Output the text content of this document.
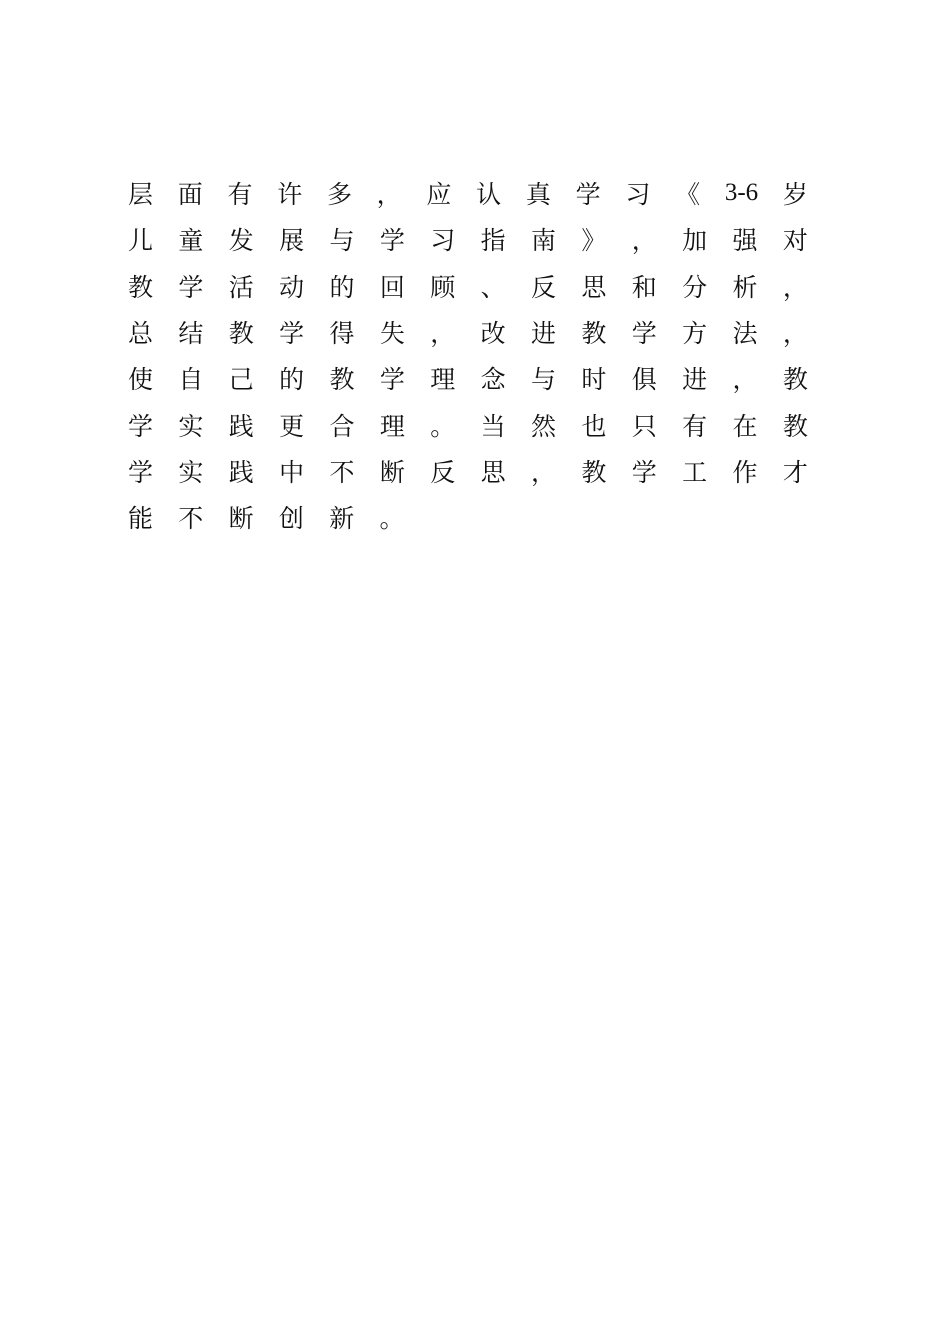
层 面 有 许 多 ， 应 认 真 学 习 《 3-6 岁
儿 童 发 展 与 学 习 指 南 》 ， 加 强 对
教 学 活 动 的 回 顾 、 反 思 和 分 析 ，
总 结 教 学 得 失 ， 改 进 教 学 方 法 ，
使 自 己 的 教 学 理 念 与 时 俱 进 ， 教
学 实 践 更 合 理 。 当 然 也 只 有 在 教
学 实 践 中 不 断 反 思 ， 教 学 工 作 才
能	不	断	创	新	。
